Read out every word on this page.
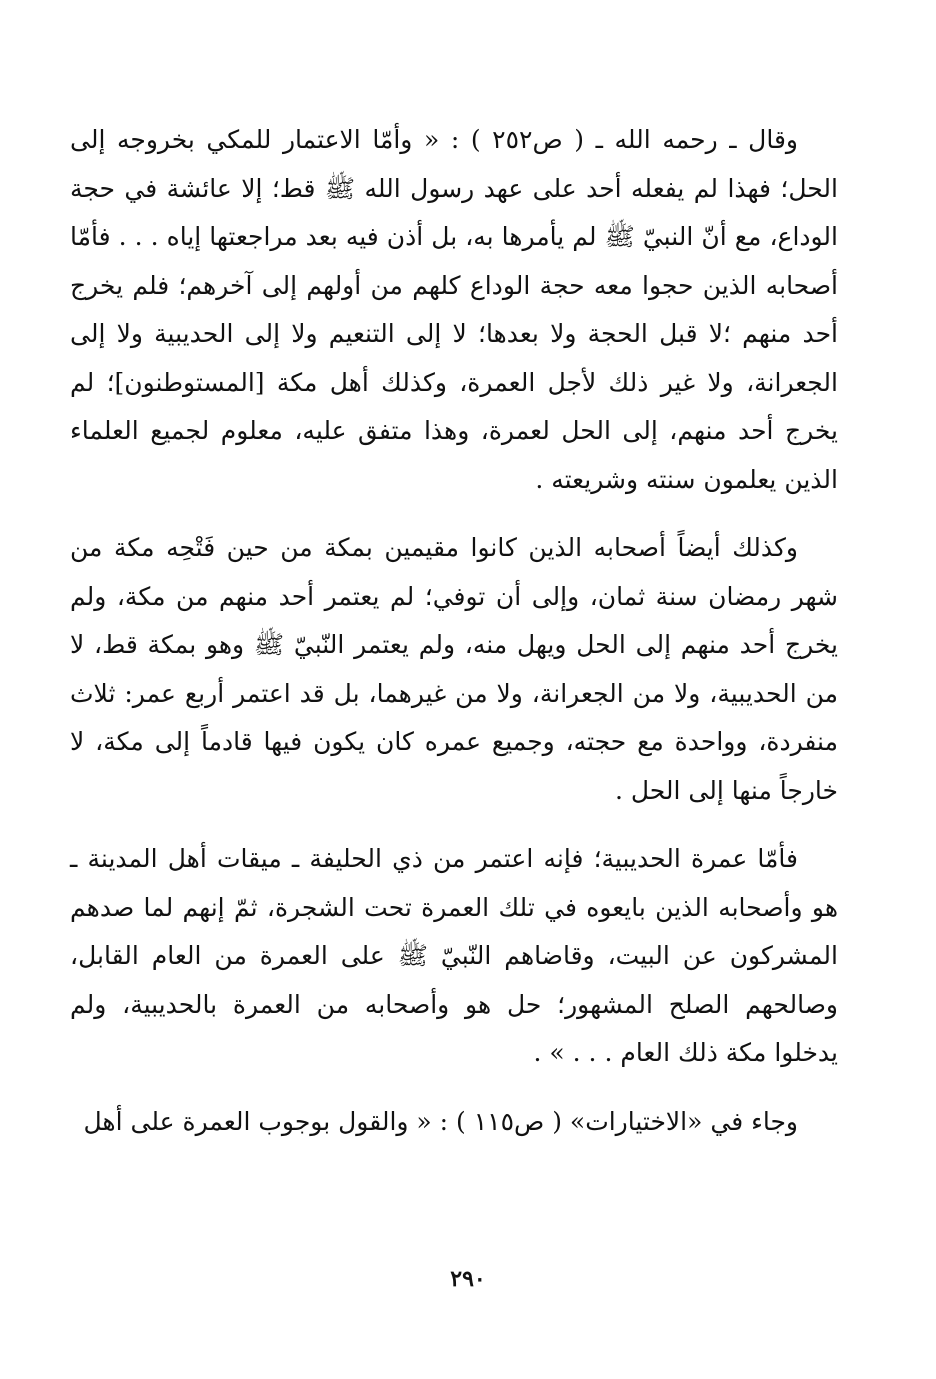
وقال ـ رحمه الله ـ ( ص٢٥٢ ) : « وأمّا الاعتمار للمكي بخروجه إلى الحل؛ فهذا لم يفعله أحد على عهد رسول الله ﷺ قط؛ إلا عائشة في حجة الوداع، مع أنّ النبيّ ﷺ لم يأمرها به، بل أذن فيه بعد مراجعتها إياه . . . فأمّا أصحابه الذين حجوا معه حجة الوداع كلهم من أولهم إلى آخرهم؛ فلم يخرج أحد منهم ؛لا قبل الحجة ولا بعدها؛ لا إلى التنعيم ولا إلى الحديبية ولا إلى الجعرانة، ولا غير ذلك لأجل العمرة، وكذلك أهل مكة [المستوطنون]؛ لم يخرج أحد منهم، إلى الحل لعمرة، وهذا متفق عليه، معلوم لجميع العلماء الذين يعلمون سنته وشريعته .

وكذلك أيضاً أصحابه الذين كانوا مقيمين بمكة من حين فَتْحِه مكة من شهر رمضان سنة ثمان، وإلى أن توفي؛ لم يعتمر أحد منهم من مكة، ولم يخرج أحد منهم إلى الحل ويهل منه، ولم يعتمر النّبيّ ﷺ وهو بمكة قط، لا من الحديبية، ولا من الجعرانة، ولا من غيرهما، بل قد اعتمر أربع عمر: ثلاث منفردة، وواحدة مع حجته، وجميع عمره كان يكون فيها قادماً إلى مكة، لا خارجاً منها إلى الحل .

فأمّا عمرة الحديبية؛ فإنه اعتمر من ذي الحليفة ـ ميقات أهل المدينة ـ هو وأصحابه الذين بايعوه في تلك العمرة تحت الشجرة، ثمّ إنهم لما صدهم المشركون عن البيت، وقاضاهم النّبيّ ﷺ على العمرة من العام القابل، وصالحهم الصلح المشهور؛ حل هو وأصحابه من العمرة بالحديبية، ولم يدخلوا مكة ذلك العام . . . » .

وجاء في «الاختيارات» ( ص١١٥ ) : « والقول بوجوب العمرة على أهل

٢٩٠
